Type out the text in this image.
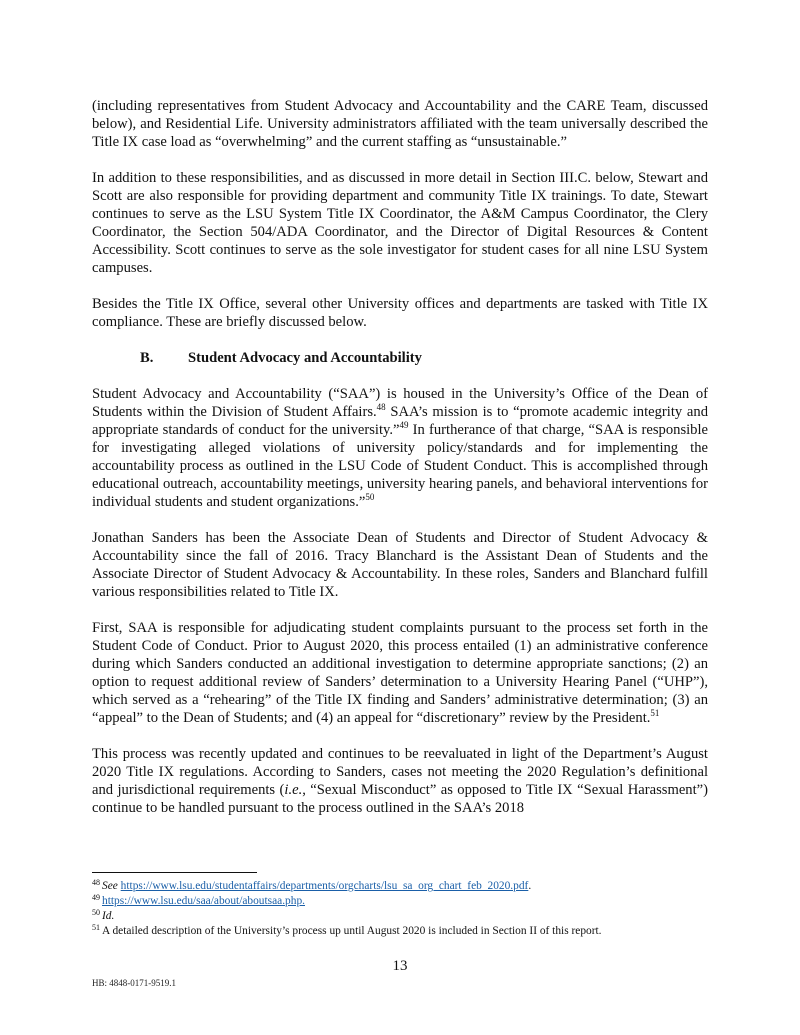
(including representatives from Student Advocacy and Accountability and the CARE Team, discussed below), and Residential Life. University administrators affiliated with the team universally described the Title IX case load as “overwhelming” and the current staffing as “unsustainable.”

In addition to these responsibilities, and as discussed in more detail in Section III.C. below, Stewart and Scott are also responsible for providing department and community Title IX trainings. To date, Stewart continues to serve as the LSU System Title IX Coordinator, the A&M Campus Coordinator, the Clery Coordinator, the Section 504/ADA Coordinator, and the Director of Digital Resources & Content Accessibility. Scott continues to serve as the sole investigator for student cases for all nine LSU System campuses.

Besides the Title IX Office, several other University offices and departments are tasked with Title IX compliance. These are briefly discussed below.

B. Student Advocacy and Accountability

Student Advocacy and Accountability (“SAA”) is housed in the University’s Office of the Dean of Students within the Division of Student Affairs.$^{48}$ SAA’s mission is to “promote academic integrity and appropriate standards of conduct for the university.”$^{49}$ In furtherance of that charge, “SAA is responsible for investigating alleged violations of university policy/standards and for implementing the accountability process as outlined in the LSU Code of Student Conduct. This is accomplished through educational outreach, accountability meetings, university hearing panels, and behavioral interventions for individual students and student organizations.”$^{50}$

Jonathan Sanders has been the Associate Dean of Students and Director of Student Advocacy & Accountability since the fall of 2016. Tracy Blanchard is the Assistant Dean of Students and the Associate Director of Student Advocacy & Accountability. In these roles, Sanders and Blanchard fulfill various responsibilities related to Title IX.

First, SAA is responsible for adjudicating student complaints pursuant to the process set forth in the Student Code of Conduct. Prior to August 2020, this process entailed (1) an administrative conference during which Sanders conducted an additional investigation to determine appropriate sanctions; (2) an option to request additional review of Sanders’ determination to a University Hearing Panel (“UHP”), which served as a “rehearing” of the Title IX finding and Sanders’ administrative determination; (3) an “appeal” to the Dean of Students; and (4) an appeal for “discretionary” review by the President.$^{51}$

This process was recently updated and continues to be reevaluated in light of the Department’s August 2020 Title IX regulations. According to Sanders, cases not meeting the 2020 Regulation’s definitional and jurisdictional requirements (i.e., “Sexual Misconduct” as opposed to Title IX “Sexual Harassment”) continue to be handled pursuant to the process outlined in the SAA’s 2018

$^{48}$ See https://www.lsu.edu/studentaffairs/departments/orgcharts/lsu_sa_org_chart_feb_2020.pdf.
$^{49}$ https://www.lsu.edu/saa/about/aboutsaa.php.
$^{50}$ Id.
$^{51}$ A detailed description of the University’s process up until August 2020 is included in Section II of this report.
13
HB: 4848-0171-9519.1
